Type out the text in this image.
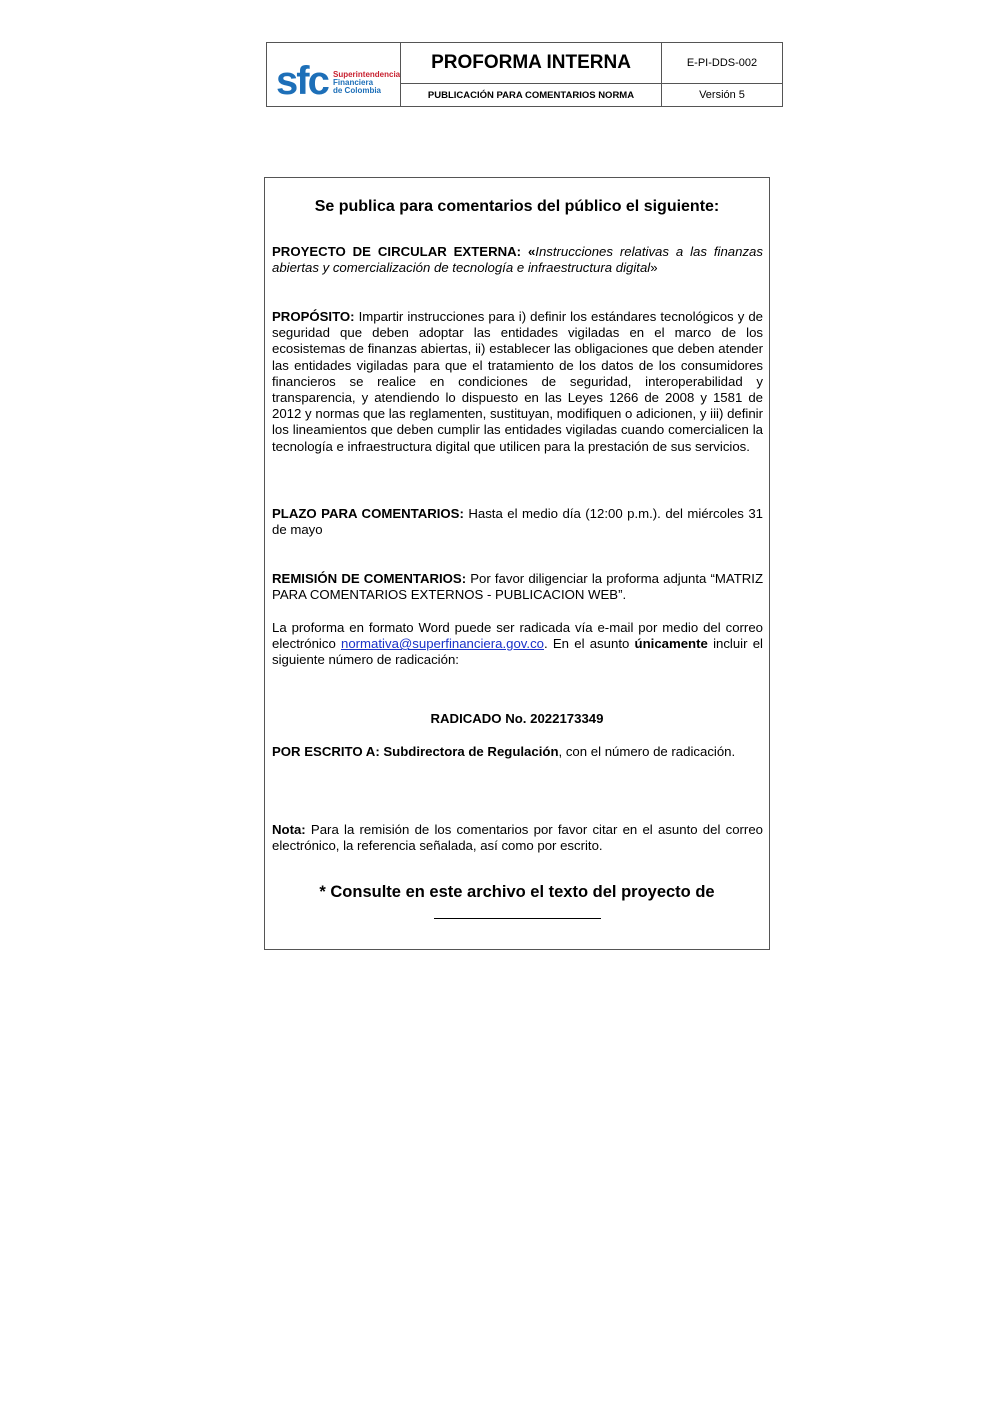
sfc Superintendencia
Financiera
de Colombia
PROFORMA INTERNA
PUBLICACIÓN PARA COMENTARIOS NORMA
E-PI-DDS-002
Versión 5
Se publica para comentarios del público el siguiente:
PROYECTO DE CIRCULAR EXTERNA: «Instrucciones relativas a las finanzas abiertas y comercialización de tecnología e infraestructura digital»
PROPÓSITO: Impartir instrucciones para i) definir los estándares tecnológicos y de seguridad que deben adoptar las entidades vigiladas en el marco de los ecosistemas de finanzas abiertas, ii) establecer las obligaciones que deben atender las entidades vigiladas para que el tratamiento de los datos de los consumidores financieros se realice en condiciones de seguridad, interoperabilidad y transparencia, y atendiendo lo dispuesto en las Leyes 1266 de 2008 y 1581 de 2012 y normas que las reglamenten, sustituyan, modifiquen o adicionen, y iii) definir los lineamientos que deben cumplir las entidades vigiladas cuando comercialicen la tecnología e infraestructura digital que utilicen para la prestación de sus servicios.
PLAZO PARA COMENTARIOS: Hasta el medio día (12:00 p.m.). del miércoles 31 de mayo
REMISIÓN DE COMENTARIOS: Por favor diligenciar la proforma adjunta “MATRIZ PARA COMENTARIOS EXTERNOS - PUBLICACION WEB”.
La proforma en formato Word puede ser radicada vía e-mail por medio del correo electrónico normativa@superfinanciera.gov.co. En el asunto únicamente incluir el siguiente número de radicación:
RADICADO No. 2022173349
POR ESCRITO A: Subdirectora de Regulación, con el número de radicación.
Nota: Para la remisión de los comentarios por favor citar en el asunto del correo electrónico, la referencia señalada, así como por escrito.
* Consulte en este archivo el texto del proyecto de
